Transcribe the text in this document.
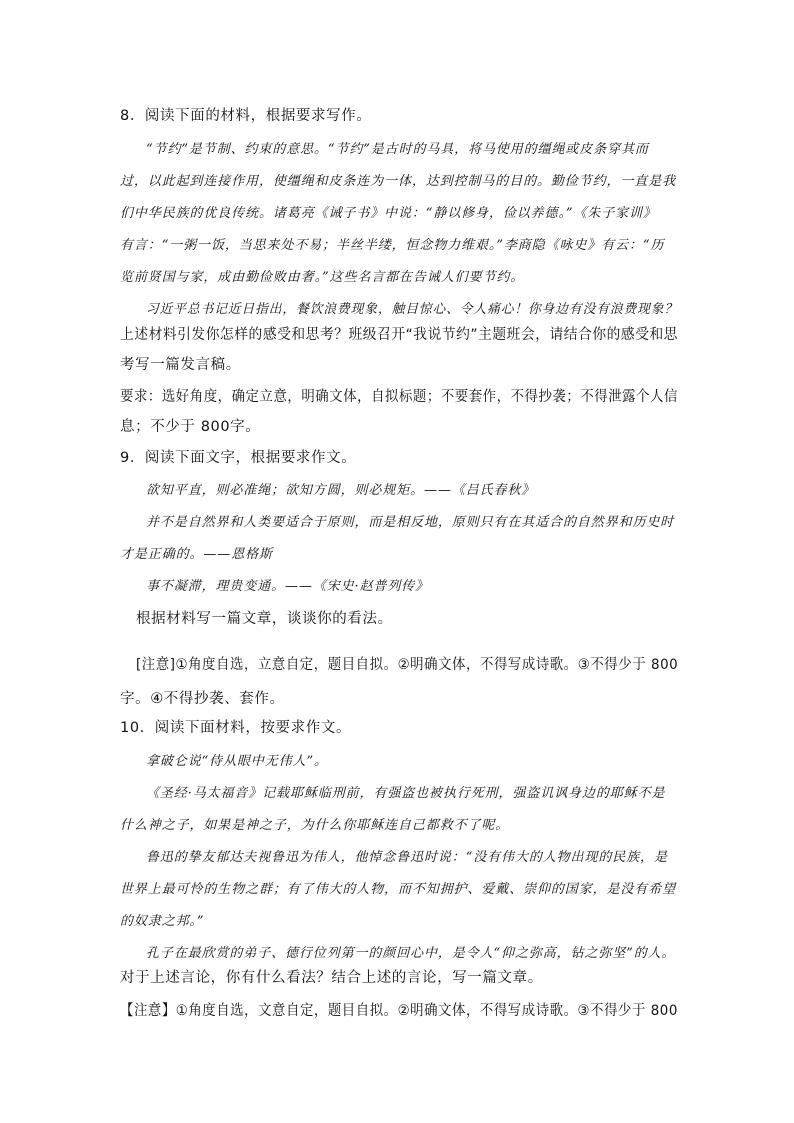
8．阅读下面的材料，根据要求写作。
“节约”是节制、约束的意思。“节约”是古时的马具，将马使用的缰绳或皮条穿其而
过，以此起到连接作用，使缰绳和皮条连为一体，达到控制马的目的。勤俭节约，一直是我
们中华民族的优良传统。诸葛亮《诫子书》中说：“静以修身，俭以养德。”《朱子家训》
有言：“一粥一饭，当思来处不易；半丝半缕，恒念物力维艰。”李商隐《咏史》有云：“历
览前贤国与家，成由勤俭败由奢。”这些名言都在告诫人们要节约。
习近平总书记近日指出，餐饮浪费现象，触目惊心、令人痛心！你身边有没有浪费现象？
上述材料引发你怎样的感受和思考？班级召开“我说节约”主题班会，请结合你的感受和思
考写一篇发言稿。
要求：选好角度，确定立意，明确文体，自拟标题；不要套作，不得抄袭；不得泄露个人信
息；不少于 800字。
9．阅读下面文字，根据要求作文。
欲知平直，则必准绳；欲知方圆，则必规矩。——《吕氏春秋》
并不是自然界和人类要适合于原则，而是相反地，原则只有在其适合的自然界和历史时
才是正确的。——恩格斯
事不凝滞，理贵变通。——《宋史·赵普列传》
根据材料写一篇文章，谈谈你的看法。
[注意]①角度自选，立意自定，题目自拟。②明确文体，不得写成诗歌。③不得少于 800
字。④不得抄袭、套作。
10．阅读下面材料，按要求作文。
拿破仑说“侍从眼中无伟人”。
《圣经·马太福音》记载耶稣临刑前，有强盗也被执行死刑，强盗讥讽身边的耶稣不是
什么神之子，如果是神之子，为什么你耶稣连自己都救不了呢。
鲁迅的挚友郁达夫视鲁迅为伟人，他悼念鲁迅时说：“没有伟大的人物出现的民族，是
世界上最可怜的生物之群；有了伟大的人物，而不知拥护、爱戴、崇仰的国家，是没有希望
的奴隶之邦。”
孔子在最欣赏的弟子、德行位列第一的颜回心中，是令人“仰之弥高，钻之弥坚”的人。
对于上述言论，你有什么看法？结合上述的言论，写一篇文章。
【注意】①角度自选，文意自定，题目自拟。②明确文体，不得写成诗歌。③不得少于 800
